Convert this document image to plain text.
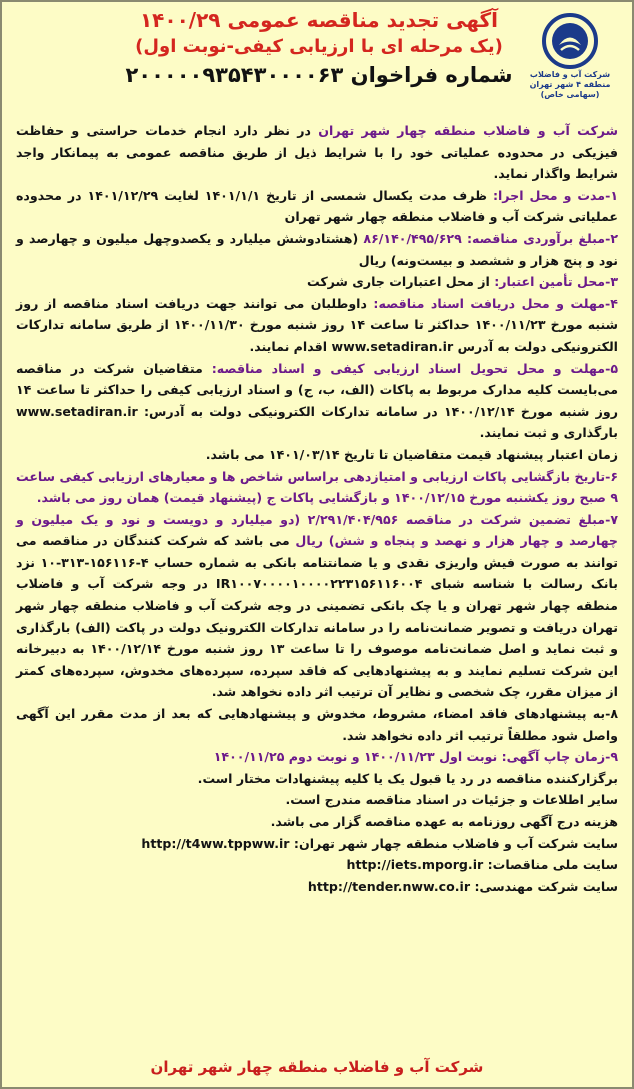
شرکت آب و فاضلاب
منطقه ۴ شهر تهران
(سهامی خاص)
آگهی تجدید مناقصه عمومی ۱۴۰۰/۲۹
(یک مرحله ای با ارزیابی کیفی-نوبت اول)
شماره فراخوان ۲۰۰۰۰۰۹۳۵۴۳۰۰۰۰۶۳

شرکت آب و فاضلاب منطقه چهار شهر تهران در نظر دارد انجام خدمات حراستی و حفاظت فیزیکی در محدوده عملیاتی خود را با شرایط ذیل از طریق مناقصه عمومی به پیمانکار واجد شرایط واگذار نماید.

۱-مدت و محل اجرا: ظرف مدت یکسال شمسی از تاریخ ۱۴۰۱/۱/۱ لغایت ۱۴۰۱/۱۲/۲۹ در محدوده عملیاتی شرکت آب و فاضلاب منطقه چهار شهر تهران

۲-مبلغ برآوردی مناقصه: ۸۶/۱۴۰/۴۹۵/۶۲۹ (هشتادوشش میلیارد و یکصدوچهل میلیون و چهارصد و نود و پنج هزار و ششصد و بیست‌ونه) ریال

۳-محل تأمین اعتبار: از محل اعتبارات جاری شرکت

۴-مهلت و محل دریافت اسناد مناقصه: داوطلبان می توانند جهت دریافت اسناد مناقصه از روز شنبه مورخ ۱۴۰۰/۱۱/۲۳ حداکثر تا ساعت ۱۴ روز شنبه مورخ ۱۴۰۰/۱۱/۳۰ از طریق سامانه تدارکات الکترونیکی دولت به آدرس www.setadiran.ir اقدام نمایند.

۵-مهلت و محل تحویل اسناد ارزیابی کیفی و اسناد مناقصه: متقاضیان شرکت در مناقصه می‌بایست کلیه مدارک مربوط به پاکات (الف، ب، ج) و اسناد ارزیابی کیفی را حداکثر تا ساعت ۱۴ روز شنبه مورخ ۱۴۰۰/۱۲/۱۴ در سامانه تدارکات الکترونیکی دولت به آدرس: www.setadiran.ir بارگذاری و ثبت نمایند.

زمان اعتبار پیشنهاد قیمت متقاضیان تا تاریخ ۱۴۰۱/۰۳/۱۴ می باشد.

۶-تاریخ بازگشایی پاکات ارزیابی و امتیازدهی براساس شاخص ها و معیارهای ارزیابی کیفی ساعت ۹ صبح روز یکشنبه مورخ ۱۴۰۰/۱۲/۱۵ و بازگشایی پاکات ج (پیشنهاد قیمت) همان روز می باشد.

۷-مبلغ تضمین شرکت در مناقصه ۲/۲۹۱/۴۰۴/۹۵۶ (دو میلیارد و دویست و نود و یک میلیون و چهارصد و چهار هزار و نهصد و پنجاه و شش) ریال می باشد که شرکت کنندگان در مناقصه می توانند به صورت فیش واریزی نقدی و یا ضمانتنامه بانکی به شماره حساب ۴-۱۵۶۱۱۶-۳۱۳-۱۰ نزد بانک رسالت با شناسه شبای IR۱۰۰۷۰۰۰۰۱۰۰۰۰۲۲۳۱۵۶۱۱۶۰۰۴ در وجه شرکت آب و فاضلاب منطقه چهار شهر تهران و یا چک بانکی تضمینی در وجه شرکت آب و فاضلاب منطقه چهار شهر تهران دریافت و تصویر ضمانت‌نامه را در سامانه تدارکات الکترونیک دولت در پاکت (الف) بارگذاری و ثبت نماید و اصل ضمانت‌نامه موصوف را تا ساعت ۱۳ روز شنبه مورخ ۱۴۰۰/۱۲/۱۴ به دبیرخانه این شرکت تسلیم نمایند و به پیشنهادهایی که فاقد سپرده، سپرده‌های مخدوش، سپرده‌های کمتر از میزان مقرر، چک شخصی و نظایر آن ترتیب اثر داده نخواهد شد.

۸-به پیشنهادهای فاقد امضاء، مشروط، مخدوش و پیشنهادهایی که بعد از مدت مقرر این آگهی واصل شود مطلقاً ترتیب اثر داده نخواهد شد.

۹-زمان چاپ آگهی: نوبت اول ۱۴۰۰/۱۱/۲۳ و نوبت دوم ۱۴۰۰/۱۱/۲۵

برگزارکننده مناقصه در رد یا قبول یک یا کلیه پیشنهادات مختار است.

سایر اطلاعات و جزئیات در اسناد مناقصه مندرج است.

هزینه درج آگهی روزنامه به عهده مناقصه گزار می باشد.

سایت شرکت آب و فاضلاب منطقه چهار شهر تهران: http://t4ww.tppww.ir

سایت ملی مناقصات: http://iets.mporg.ir

سایت شرکت مهندسی: http://tender.nww.co.ir

شرکت آب و فاضلاب منطقه چهار شهر تهران
